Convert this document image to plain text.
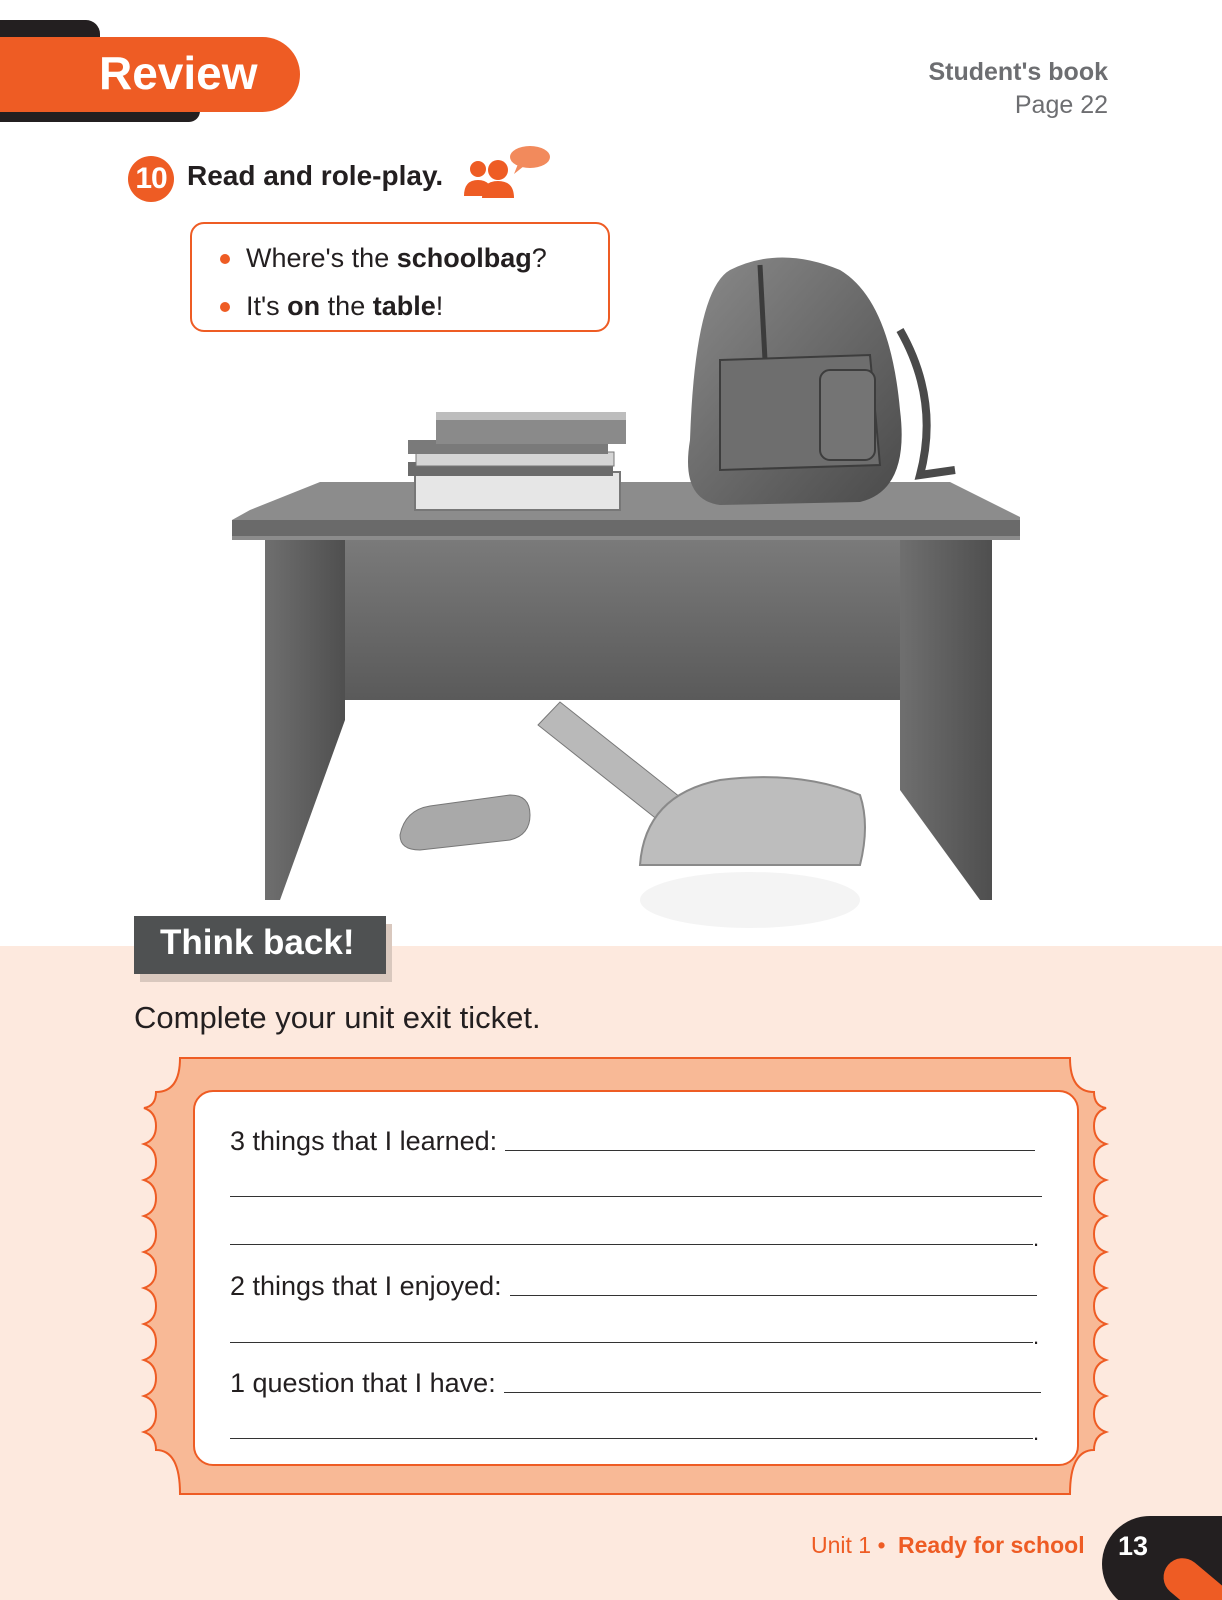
Review	Student's book
Page 22
10 Read and role-play.
Where's the schoolbag?
It's on the table!
Think back!
Complete your unit exit ticket.
3 things that I learned:
.
2 things that I enjoyed:
.
1 question that I have:
.
Unit 1 • Ready for school 13
